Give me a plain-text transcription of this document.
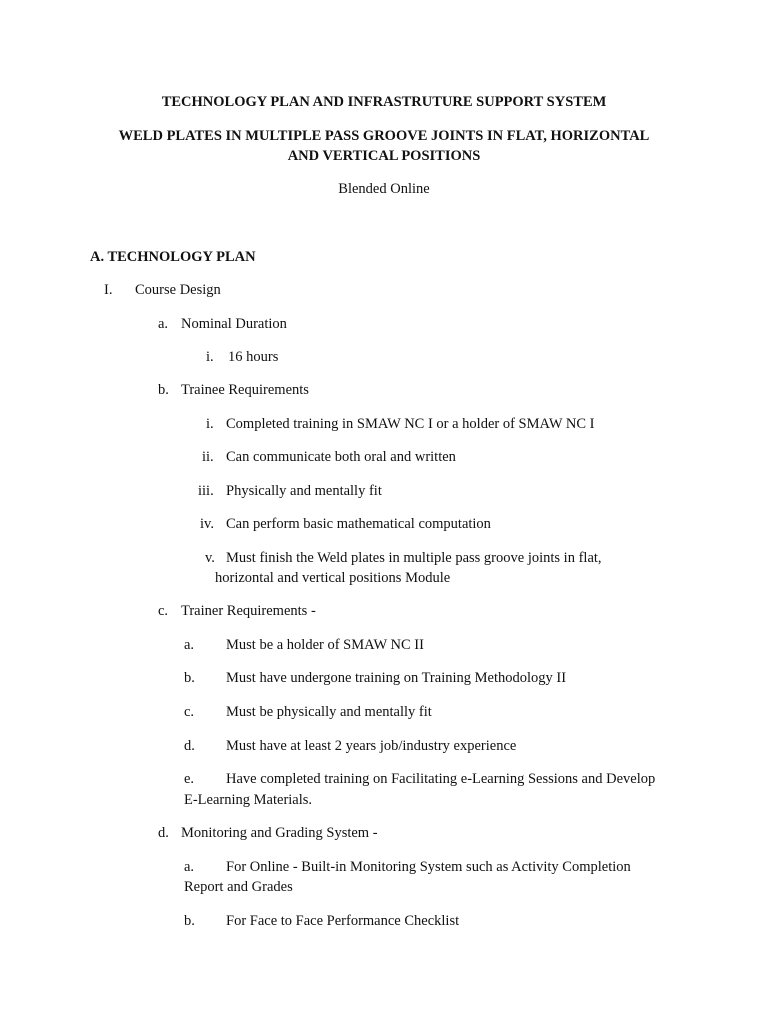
TECHNOLOGY PLAN AND INFRASTRUTURE SUPPORT SYSTEM
WELD PLATES IN MULTIPLE PASS GROOVE JOINTS IN FLAT, HORIZONTAL
AND VERTICAL POSITIONS
Blended Online
A. TECHNOLOGY PLAN
I. Course Design
a. Nominal Duration
i. 16 hours
b. Trainee Requirements
i. Completed training in SMAW NC I or a holder of SMAW NC I
ii. Can communicate both oral and written
iii. Physically and mentally fit
iv. Can perform basic mathematical computation
v. Must finish the Weld plates in multiple pass groove joints in flat,
horizontal and vertical positions Module
c. Trainer Requirements -
a. Must be a holder of SMAW NC II
b. Must have undergone training on Training Methodology II
c. Must be physically and mentally fit
d. Must have at least 2 years job/industry experience
e. Have completed training on Facilitating e-Learning Sessions and Develop
E-Learning Materials.
d. Monitoring and Grading System -
a. For Online - Built-in Monitoring System such as Activity Completion
Report and Grades
b. For Face to Face Performance Checklist
